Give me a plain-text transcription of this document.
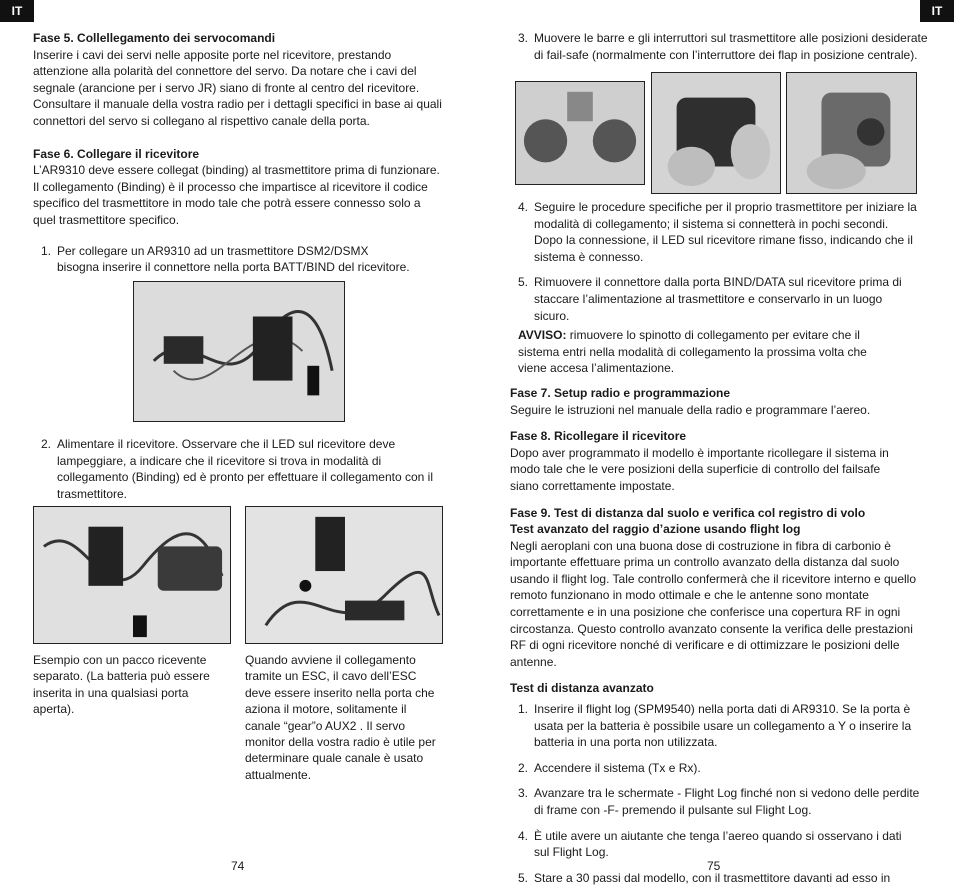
IT	IT

Fase 5. Collellegamento dei servocomandi

Inserire i cavi dei servi nelle apposite porte nel ricevitore, prestando attenzione alla polarità del connettore del servo. Da notare che i cavi del segnale (arancione per i servo JR) siano di fronte al centro del ricevitore. Consultare il manuale della vostra radio per i dettagli specifici in base ai quali connettori del servo si collegano al rispettivo canale della porta.

Fase 6. Collegare il ricevitore

L’AR9310 deve essere collegat (binding) al trasmettitore prima di funzionare. Il collegamento (Binding) è il processo che impartisce al ricevitore il codice specifico del trasmettitore in modo tale che potrà essere connesso solo a quel trasmettitore specifico.

1. Per collegare un AR9310 ad un trasmettitore DSM2/DSMX bisogna inserire il connettore nella porta BATT/BIND del ricevitore.
2. Alimentare il ricevitore. Osservare che il LED sul ricevitore deve lampeggiare, a indicare che il ricevitore si trova in modalità di collegamento (Binding) ed è pronto per effettuare il collegamento con il trasmettitore.

Esempio con un pacco ricevente separato. (La batteria può essere inserita in una qualsiasi porta aperta).

Quando avviene il collegamento tramite un ESC, il cavo dell’ESC deve essere inserito nella porta che aziona il motore, solitamente il canale “gear”o AUX2 . Il servo monitor della vostra radio è utile per determinare quale canale è usato attualmente.

74
3. Muovere le barre e gli interruttori sul trasmettitore alle posizioni desiderate di fail-safe (normalmente con l’interruttore dei flap in posizione centrale).
4. Seguire le procedure specifiche per il proprio trasmettitore per iniziare la modalità di collegamento; il sistema si connetterà in pochi secondi. Dopo la connessione, il LED sul ricevitore rimane fisso, indicando che il sistema è connesso.
5. Rimuovere il connettore dalla porta BIND/DATA sul ricevitore prima di staccare l’alimentazione al trasmettitore e conservarlo in un luogo sicuro.

AVVISO: rimuovere lo spinotto di collegamento per evitare che il sistema entri nella modalità di collegamento la prossima volta che viene accesa l’alimentazione.

Fase 7. Setup radio e programmazione

Seguire le istruzioni nel manuale della radio e programmare l’aereo.

Fase 8. Ricollegare il ricevitore

Dopo aver programmato il modello è importante ricollegare il sistema in modo tale che le vere posizioni della superficie di controllo del failsafe siano correttamente impostate.

Fase 9. Test di distanza dal suolo e verifica col registro di volo

Test avanzato del raggio d’azione usando flight log

Negli aeroplani con una buona dose di costruzione in fibra di carbonio è importante effettuare prima un controllo avanzato della distanza dal suolo usando il flight log. Tale controllo confermerà che il ricevitore interno e quello remoto funzionano in modo ottimale e che le antenne sono montate correttamente e in una posizione che conferisce una copertura RF in ogni circostanza. Questo controllo avanzato consente la verifica delle prestazioni RF di ogni ricevitore nonché di verificare e di ottimizzare le posizioni delle antenne.

Test di distanza avanzato

1. Inserire il flight log (SPM9540) nella porta dati di AR9310. Se la porta è usata per la batteria è possibile usare un collegamento a Y o inserire la batteria in una porta non utilizzata.
2. Accendere il sistema (Tx e Rx).
3. Avanzare tra le schermate - Flight Log finché non si vedono delle perdite di frame con -F- premendo il pulsante sul Flight Log.
4. È utile avere un aiutante che tenga l’aereo quando si osservano i dati sul Flight Log.
5. Stare a 30 passi dal modello, con il trasmettitore davanti ad esso in
75
